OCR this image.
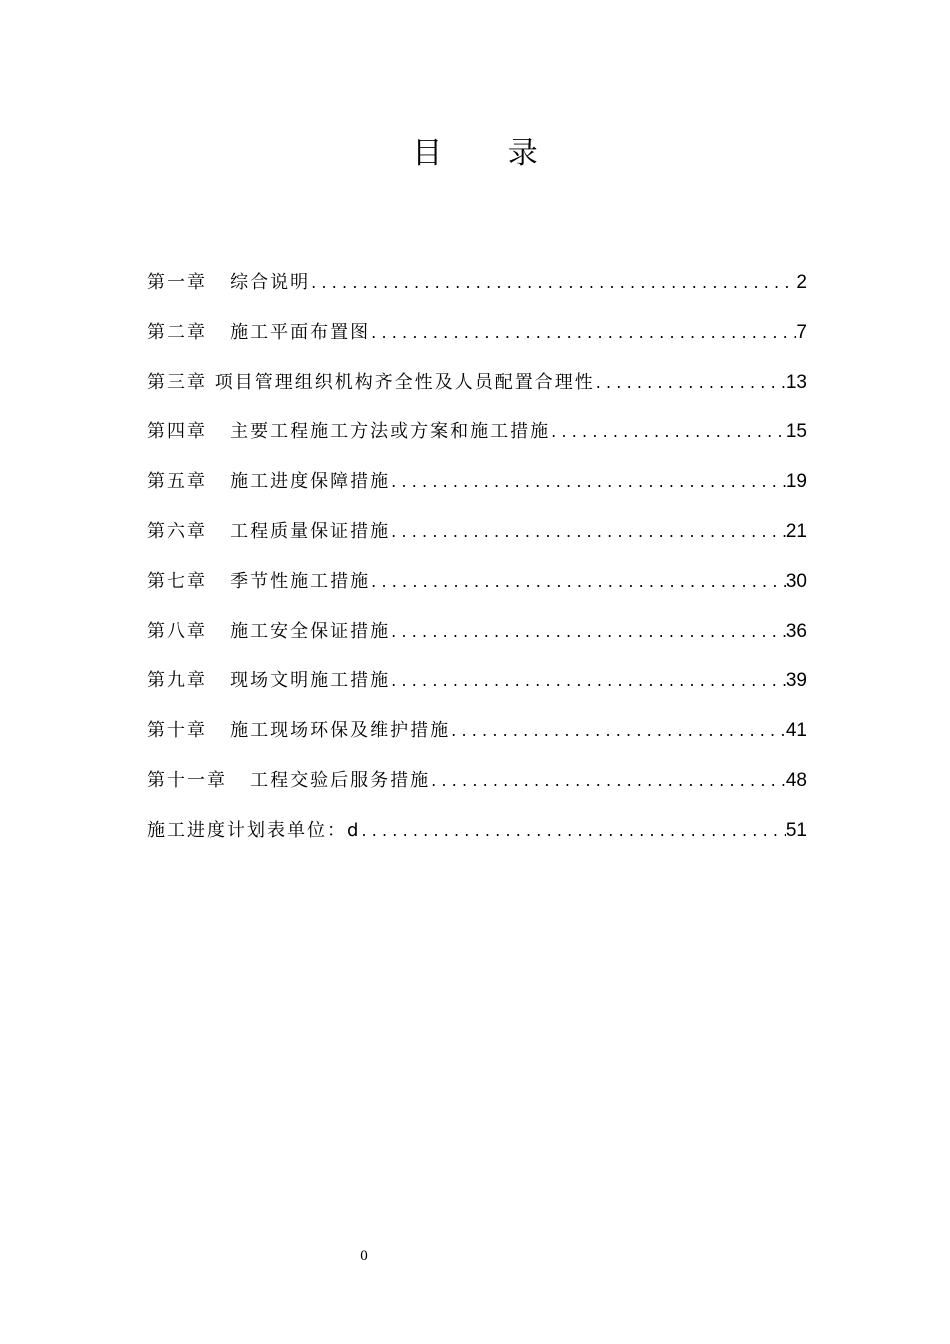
目 录
第一章   综合说明 .....	2
第二章   施工平面布置图 .....	7
第三章 项目管理组织机构齐全性及人员配置合理性 .....	13
第四章   主要工程施工方法或方案和施工措施 .....	15
第五章   施工进度保障措施 .....	19
第六章   工程质量保证措施 .....	21
第七章   季节性施工措施 .....	30
第八章   施工安全保证措施 .....	36
第九章   现场文明施工措施 .....	39
第十章   施工现场环保及维护措施 .....	41
第十一章   工程交验后服务措施 .....	48
施工进度计划表单位：d .....	51
0
